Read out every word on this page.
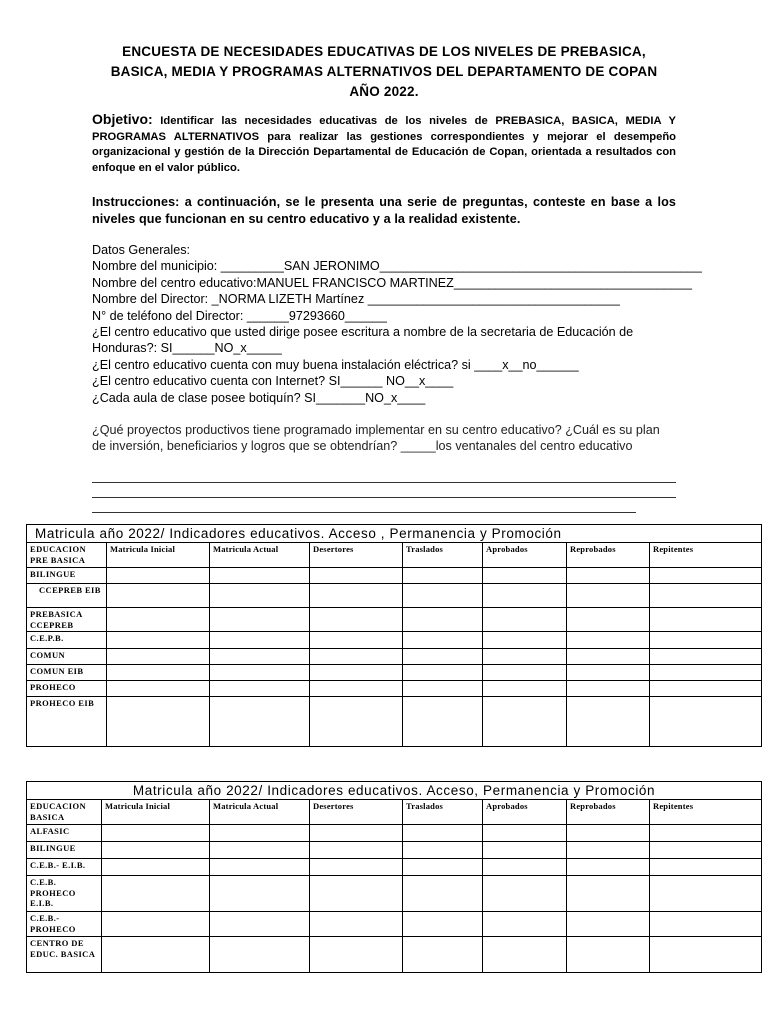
ENCUESTA DE NECESIDADES EDUCATIVAS DE LOS NIVELES DE PREBASICA,
BASICA, MEDIA Y PROGRAMAS ALTERNATIVOS DEL DEPARTAMENTO DE COPAN
AÑO 2022.
Objetivo: Identificar las necesidades educativas de los niveles de PREBASICA, BASICA, MEDIA Y PROGRAMAS ALTERNATIVOS para realizar las gestiones correspondientes y mejorar el desempeño organizacional y gestión de la Dirección Departamental de Educación de Copan, orientada a resultados con enfoque en el valor público.
Instrucciones: a continuación, se le presenta una serie de preguntas, conteste en base a los niveles que funcionan en su centro educativo y a la realidad existente.
Datos Generales:
Nombre del municipio: _________SAN JERONIMO______________________________________________
Nombre del centro educativo:MANUEL FRANCISCO MARTINEZ__________________________________
Nombre del Director: _NORMA LIZETH Martínez ____________________________________
N° de teléfono del Director: ______97293660______
¿El centro educativo que usted dirige posee escritura a nombre de la secretaria de Educación de Honduras?: SI______NO_x_____
¿El centro educativo cuenta con muy buena instalación eléctrica? si ____x__no______
¿El centro educativo cuenta con Internet? SI______ NO__x____
¿Cada aula de clase posee botiquín? SI_______NO_x____
¿Qué proyectos productivos tiene programado implementar en su centro educativo? ¿Cuál es su plan de inversión, beneficiarios y logros que se obtendrían? _____los ventanales del centro educativo
Matricula año 2022/ Indicadores educativos. Acceso , Permanencia y Promoción							
EDUCACION PRE BASICA	Matricula Inicial	Matricula Actual	Desertores	Traslados	Aprobados	Reprobados	Repitentes
BILINGUE							
CCEPREB EIB							
PREBASICA CCEPREB							
C.E.P.B.							
COMUN							
COMUN EIB							
PROHECO							
PROHECO EIB							
Matricula año 2022/ Indicadores educativos. Acceso, Permanencia y Promoción							
EDUCACION BASICA	Matricula Inicial	Matricula Actual	Desertores	Traslados	Aprobados	Reprobados	Repitentes
ALFASIC							
BILINGUE							
C.E.B.- E.I.B.							
C.E.B. PROHECO E.I.B.							
C.E.B.- PROHECO							
CENTRO DE EDUC. BASICA							
